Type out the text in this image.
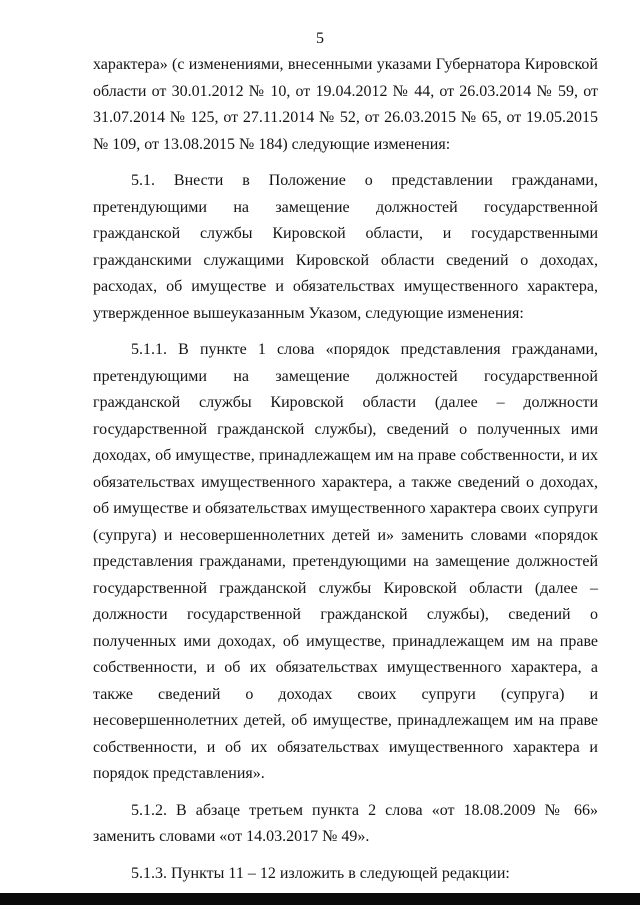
5

характера» (с изменениями, внесенными указами Губернатора Кировской области от 30.01.2012 № 10, от 19.04.2012 № 44, от 26.03.2014 № 59, от 31.07.2014 № 125, от 27.11.2014 № 52, от 26.03.2015 № 65, от 19.05.2015 № 109, от 13.08.2015 № 184) следующие изменения:

5.1. Внести в Положение о представлении гражданами, претендующими на замещение должностей государственной гражданской службы Кировской области, и государственными гражданскими служащими Кировской области сведений о доходах, расходах, об имуществе и обязательствах имущественного характера, утвержденное вышеуказанным Указом, следующие изменения:

5.1.1. В пункте 1 слова «порядок представления гражданами, претендующими на замещение должностей государственной гражданской службы Кировской области (далее – должности государственной гражданской службы), сведений о полученных ими доходах, об имуществе, принадлежащем им на праве собственности, и их обязательствах имущественного характера, а также сведений о доходах, об имуществе и обязательствах имущественного характера своих супруги (супруга) и несовершеннолетних детей и» заменить словами «порядок представления гражданами, претендующими на замещение должностей государственной гражданской службы Кировской области (далее – должности государственной гражданской службы), сведений о полученных ими доходах, об имуществе, принадлежащем им на праве собственности, и об их обязательствах имущественного характера, а также сведений о доходах своих супруги (супруга) и несовершеннолетних детей, об имуществе, принадлежащем им на праве собственности, и об их обязательствах имущественного характера и порядок представления».

5.1.2. В абзаце третьем пункта 2 слова «от 18.08.2009 № 66» заменить словами «от 14.03.2017 № 49».

5.1.3. Пункты 11 – 12 изложить в следующей редакции:
